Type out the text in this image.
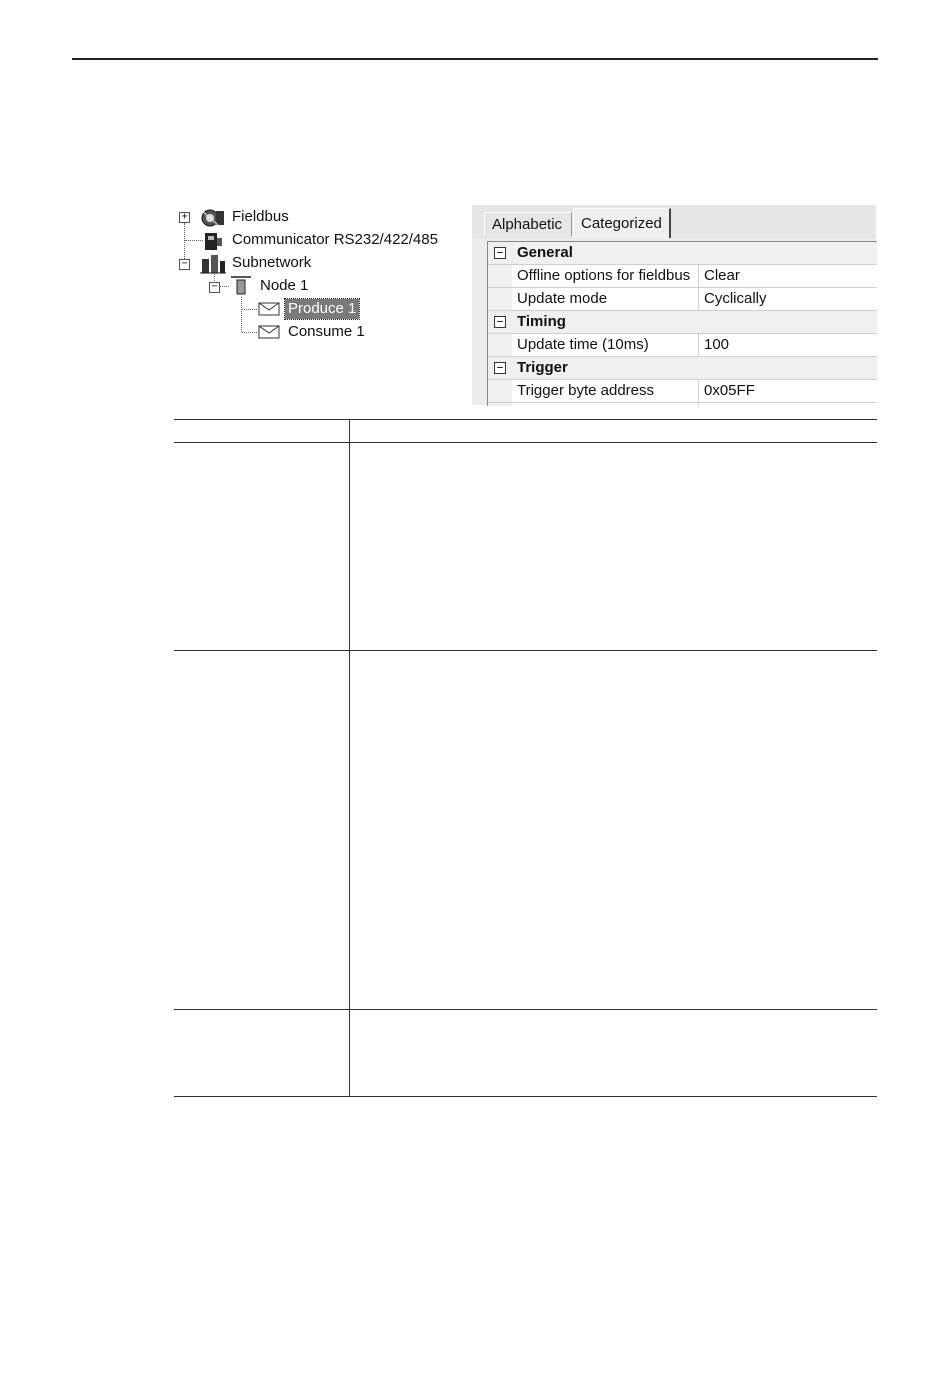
+	Fieldbus
Communicator RS232/422/485
−	Subnetwork
−	Node 1
Produce 1
Consume 1
Alphabetic	Categorized
− General
Offline options for fieldbus Clear
Update mode	Cyclically
− Timing
Update time (10ms)	100
− Trigger
Trigger byte address	0x05FF
